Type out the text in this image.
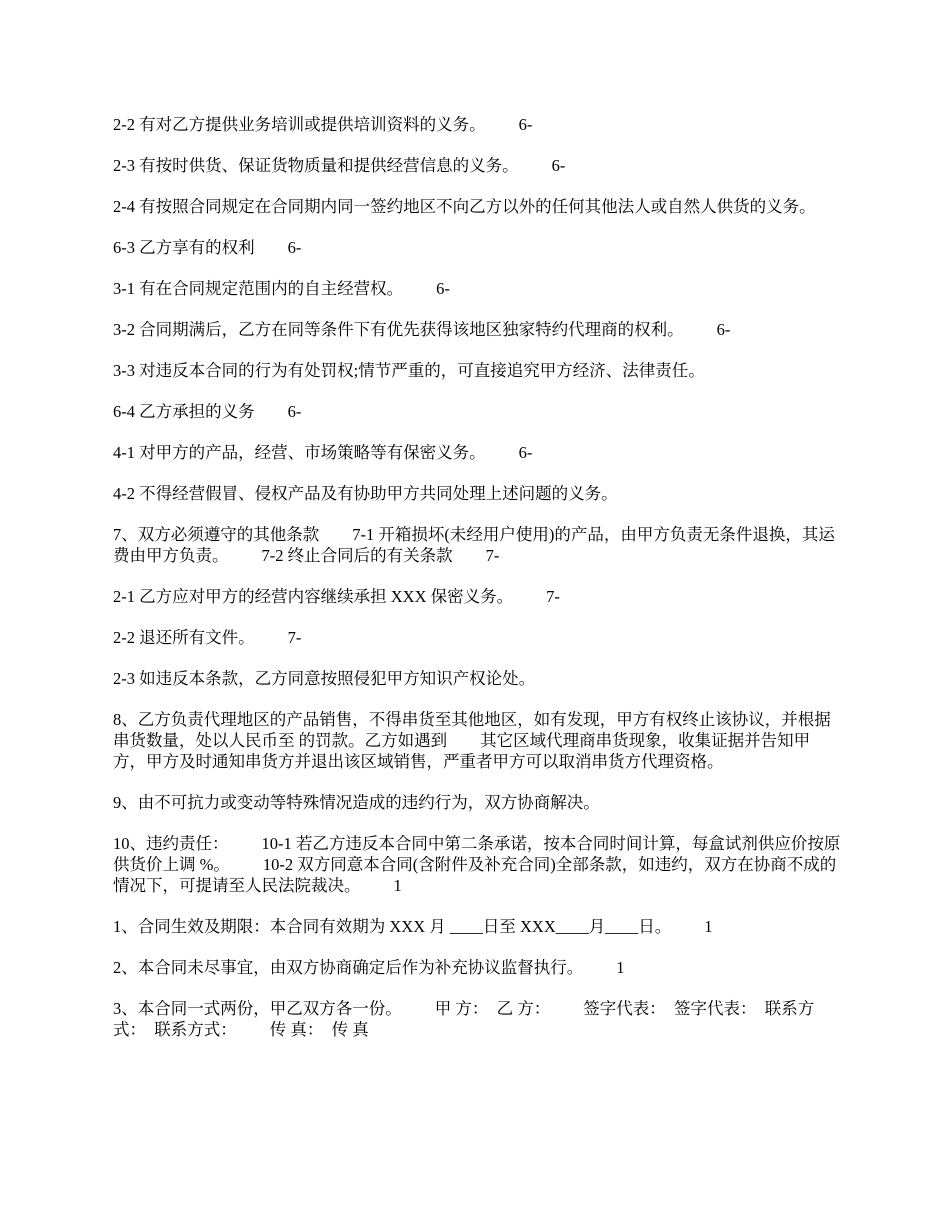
2-2 有对乙方提供业务培训或提供培训资料的义务。        6-

2-3 有按时供货、保证货物质量和提供经营信息的义务。        6-

2-4 有按照合同规定在合同期内同一签约地区不向乙方以外的任何其他法人或自然人供货的义务。

6-3 乙方享有的权利        6-

3-1 有在合同规定范围内的自主经营权。        6-

3-2 合同期满后，乙方在同等条件下有优先获得该地区独家特约代理商的权利。        6-

3-3 对违反本合同的行为有处罚权;情节严重的，可直接追究甲方经济、法律责任。

6-4 乙方承担的义务        6-

4-1 对甲方的产品，经营、市场策略等有保密义务。        6-

4-2 不得经营假冒、侵权产品及有协助甲方共同处理上述问题的义务。

7、双方必须遵守的其他条款        7-1 开箱损坏(未经用户使用)的产品，由甲方负责无条件退换，其运费由甲方负责。        7-2 终止合同后的有关条款        7-

2-1 乙方应对甲方的经营内容继续承担 XXX 保密义务。        7-

2-2 退还所有文件。        7-

2-3 如违反本条款，乙方同意按照侵犯甲方知识产权论处。

8、乙方负责代理地区的产品销售，不得串货至其他地区，如有发现，甲方有权终止该协议，并根据串货数量，处以人民币至 的罚款。乙方如遇到        其它区域代理商串货现象，收集证据并告知甲方，甲方及时通知串货方并退出该区域销售，严重者甲方可以取消串货方代理资格。

9、由不可抗力或变动等特殊情况造成的违约行为，双方协商解决。

10、违约责任：        10-1 若乙方违反本合同中第二条承诺，按本合同时间计算，每盒试剂供应价按原供货价上调 %。        10-2 双方同意本合同(含附件及补充合同)全部条款，如违约，双方在协商不成的情况下，可提请至人民法院裁决。        1

1、合同生效及期限：本合同有效期为 XXX 月 ____日至 XXX____月____日。        1

2、本合同未尽事宜，由双方协商确定后作为补充协议监督执行。        1

3、本合同一式两份，甲乙双方各一份。        甲 方：  乙 方：        签字代表：  签字代表：  联系方式：  联系方式：        传 真：  传 真
